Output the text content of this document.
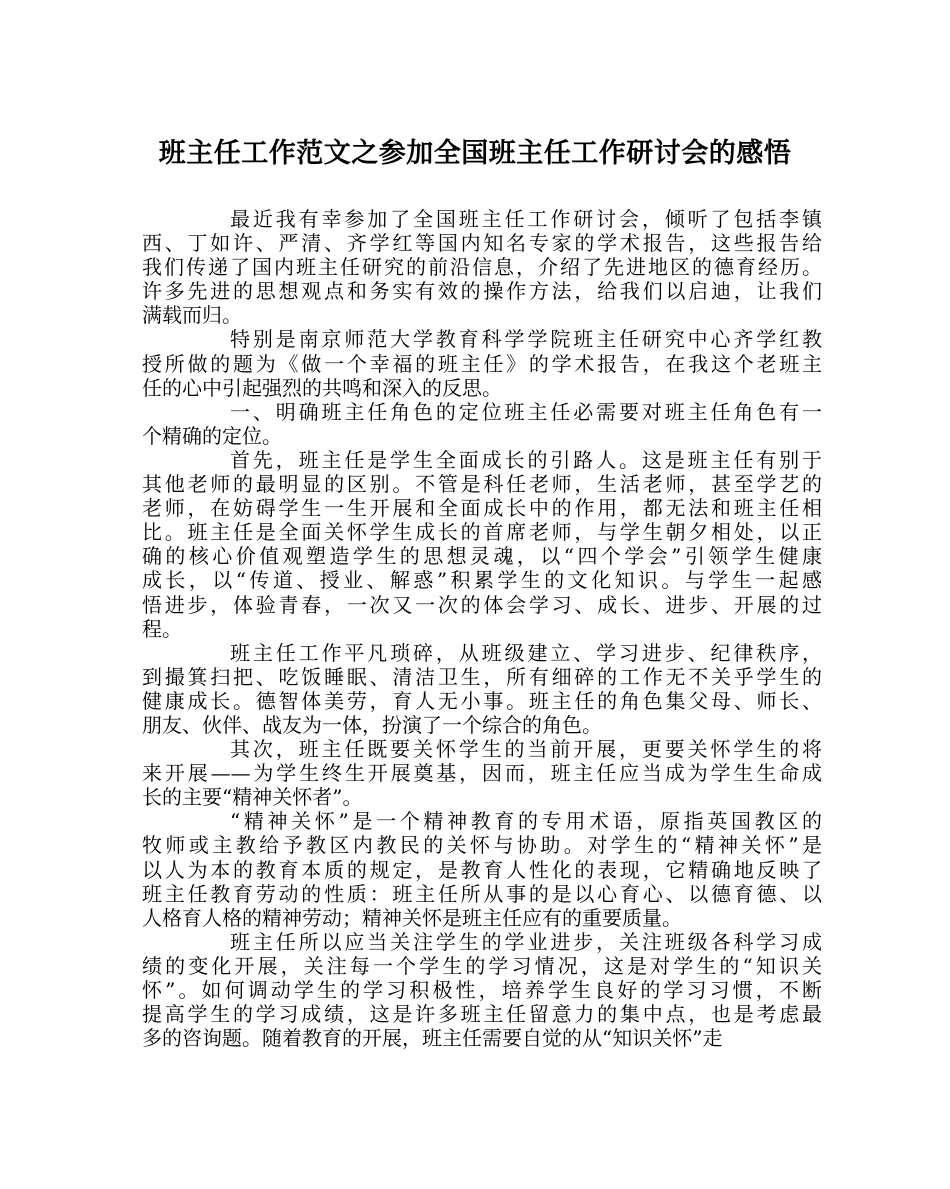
班主任工作范文之参加全国班主任工作研讨会的感悟
最近我有幸参加了全国班主任工作研讨会，倾听了包括李镇
西、丁如许、严清、齐学红等国内知名专家的学术报告，这些报告给
我们传递了国内班主任研究的前沿信息，介绍了先进地区的德育经历。
许多先进的思想观点和务实有效的操作方法，给我们以启迪，让我们
满载而归。
特别是南京师范大学教育科学学院班主任研究中心齐学红教
授所做的题为《做一个幸福的班主任》的学术报告，在我这个老班主
任的心中引起强烈的共鸣和深入的反思。
一、明确班主任角色的定位班主任必需要对班主任角色有一
个精确的定位。
首先，班主任是学生全面成长的引路人。这是班主任有别于
其他老师的最明显的区别。不管是科任老师，生活老师，甚至学艺的
老师，在妨碍学生一生开展和全面成长中的作用，都无法和班主任相
比。班主任是全面关怀学生成长的首席老师，与学生朝夕相处，以正
确的核心价值观塑造学生的思想灵魂，以“四个学会”引领学生健康
成长，以“传道、授业、解惑”积累学生的文化知识。与学生一起感
悟进步，体验青春，一次又一次的体会学习、成长、进步、开展的过
程。
班主任工作平凡琐碎，从班级建立、学习进步、纪律秩序，
到撮箕扫把、吃饭睡眠、清洁卫生，所有细碎的工作无不关乎学生的
健康成长。德智体美劳，育人无小事。班主任的角色集父母、师长、
朋友、伙伴、战友为一体，扮演了一个综合的角色。
其次，班主任既要关怀学生的当前开展，更要关怀学生的将
来开展——为学生终生开展奠基，因而，班主任应当成为学生生命成
长的主要“精神关怀者”。
“精神关怀”是一个精神教育的专用术语，原指英国教区的
牧师或主教给予教区内教民的关怀与协助。对学生的“精神关怀”是
以人为本的教育本质的规定，是教育人性化的表现，它精确地反映了
班主任教育劳动的性质：班主任所从事的是以心育心、以德育德、以
人格育人格的精神劳动；精神关怀是班主任应有的重要质量。
班主任所以应当关注学生的学业进步，关注班级各科学习成
绩的变化开展，关注每一个学生的学习情况，这是对学生的“知识关
怀”。如何调动学生的学习积极性，培养学生良好的学习习惯，不断
提高学生的学习成绩，这是许多班主任留意力的集中点，也是考虑最
多的咨询题。随着教育的开展，班主任需要自觉的从“知识关怀”走
